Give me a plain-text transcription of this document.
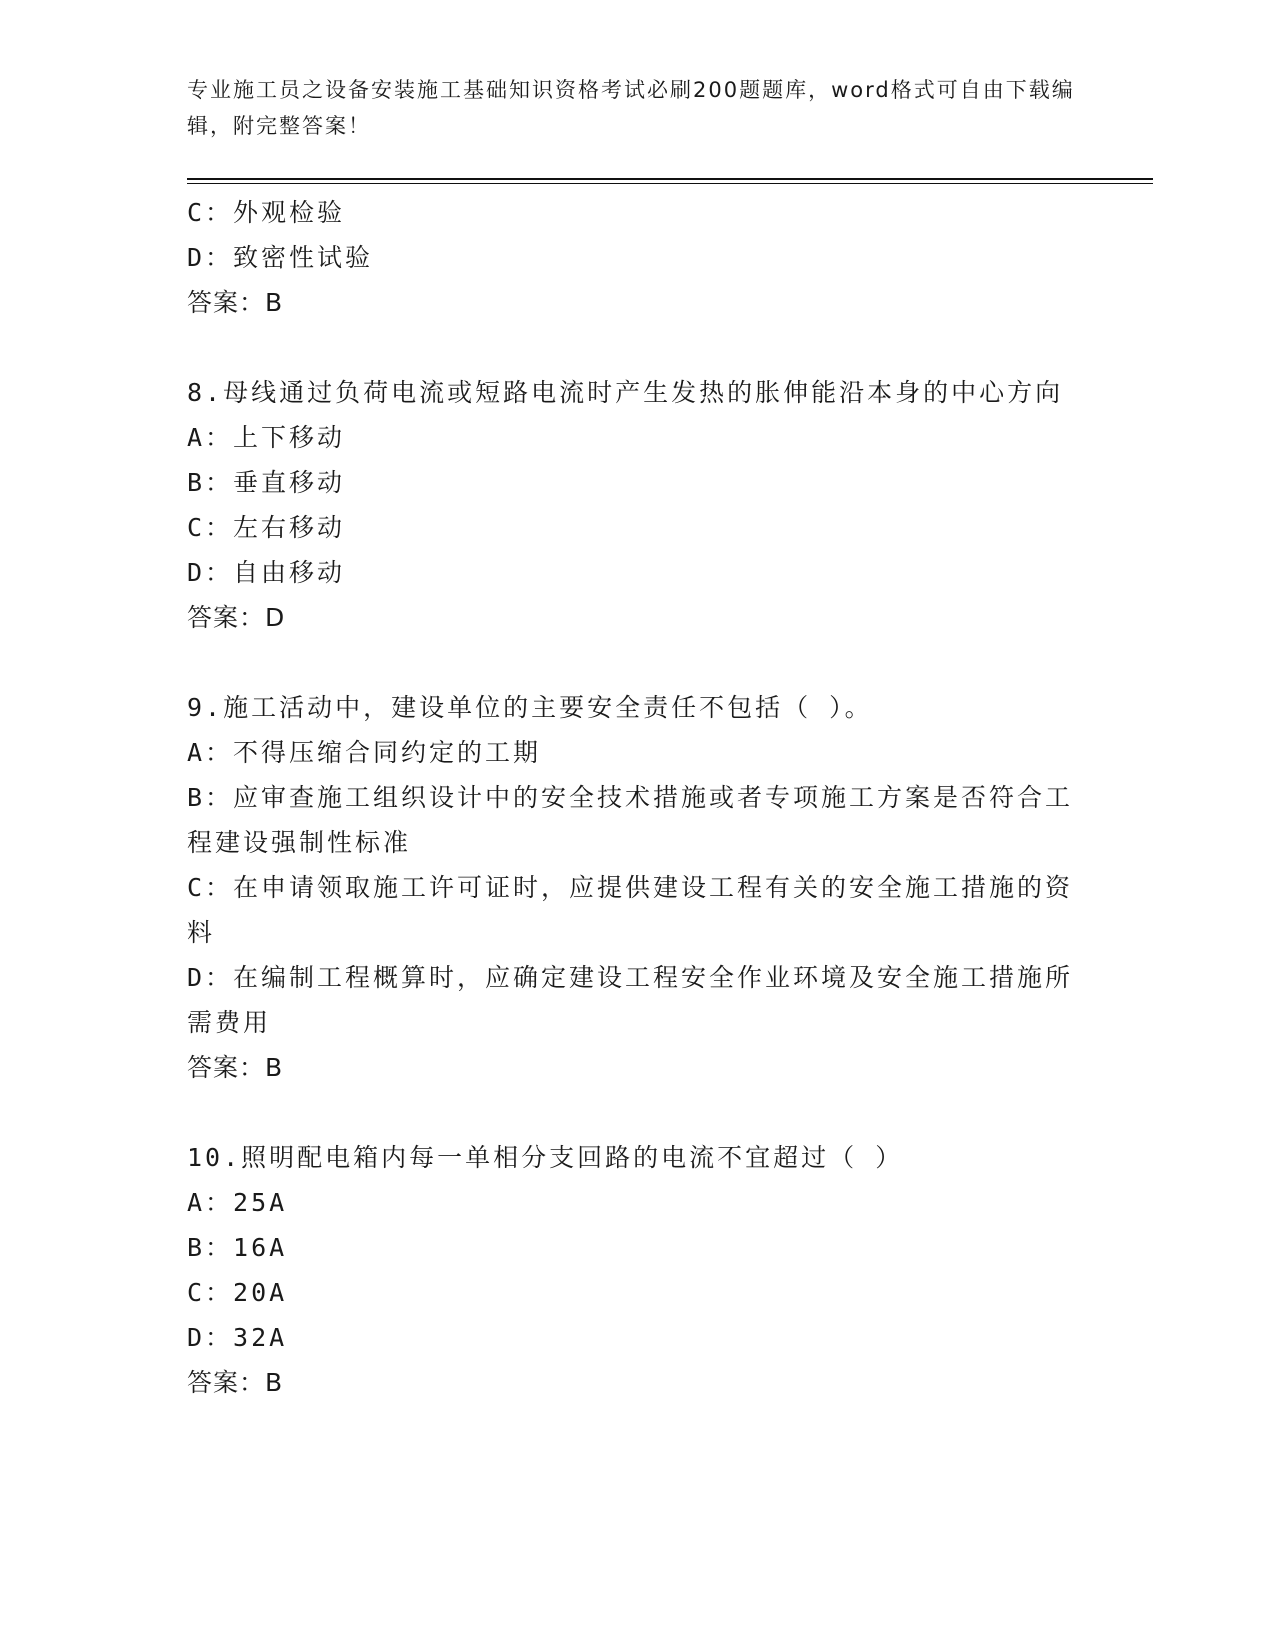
专业施工员之设备安装施工基础知识资格考试必刷200题题库，word格式可自由下载编辑，附完整答案！

C：外观检验

D：致密性试验

答案：B

8.母线通过负荷电流或短路电流时产生发热的胀伸能沿本身的中心方向

A：上下移动

B：垂直移动

C：左右移动

D：自由移动

答案：D

9.施工活动中，建设单位的主要安全责任不包括（ ）。

A：不得压缩合同约定的工期

B：应审查施工组织设计中的安全技术措施或者专项施工方案是否符合工程建设强制性标准

C：在申请领取施工许可证时，应提供建设工程有关的安全施工措施的资料

D：在编制工程概算时，应确定建设工程安全作业环境及安全施工措施所需费用

答案：B

10.照明配电箱内每一单相分支回路的电流不宜超过（ ）

A：25A

B：16A

C：20A

D：32A

答案：B
